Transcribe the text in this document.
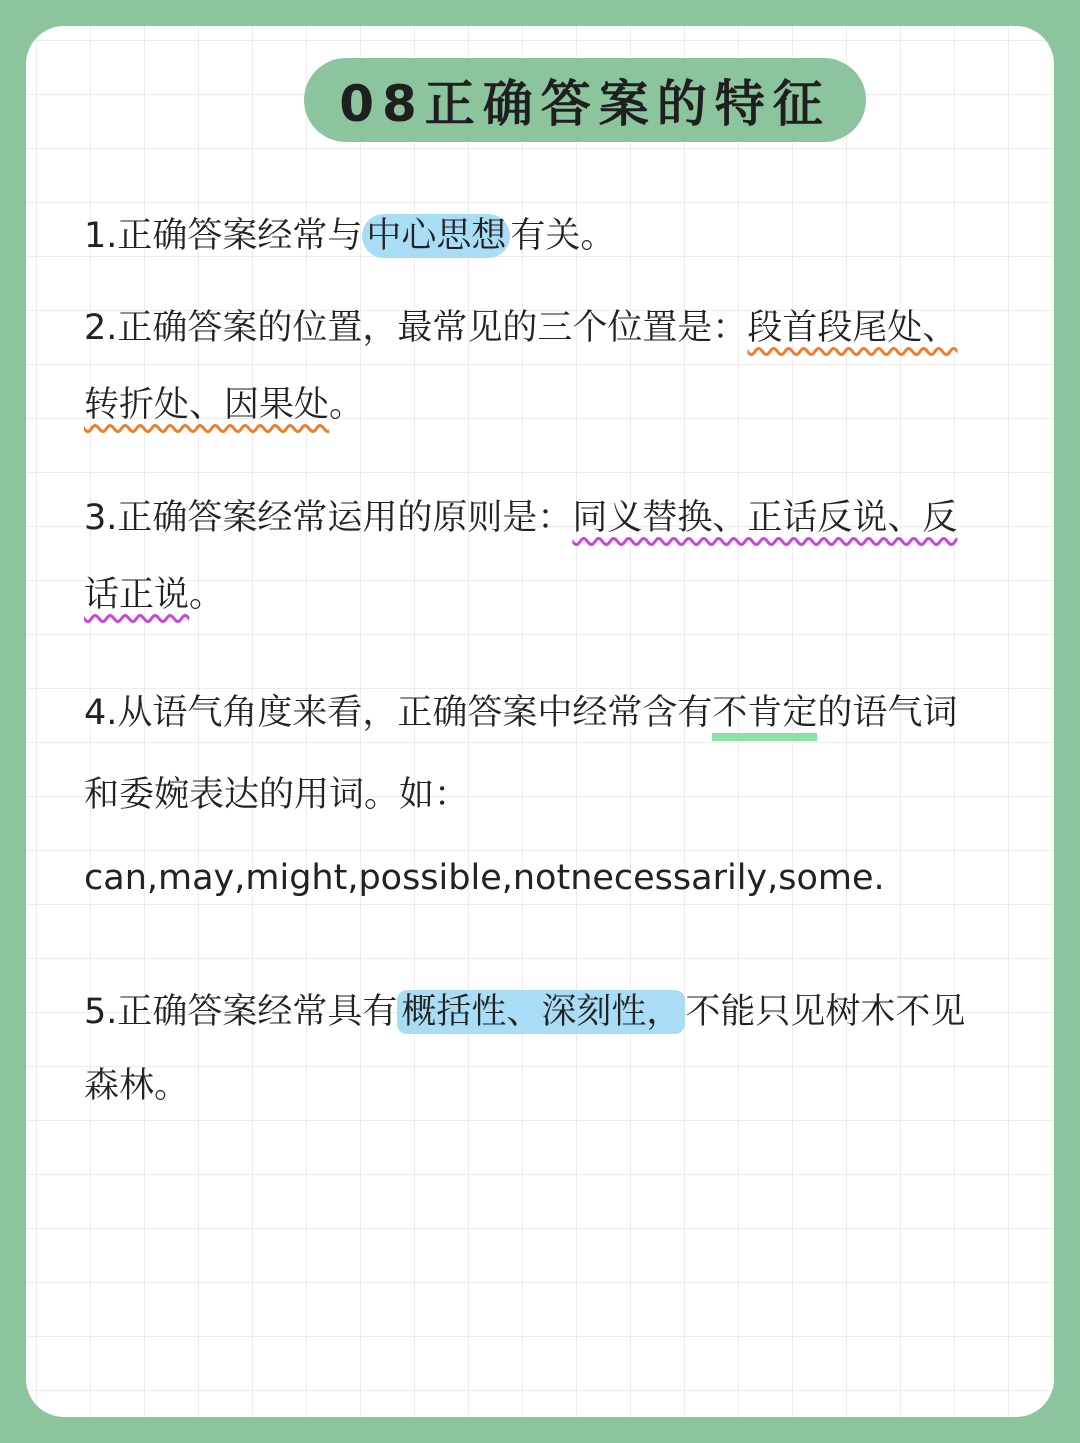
08正确答案的特征
1.正确答案经常与 中心思想 有关。
2.正确答案的位置，最常见的三个位置是：段首段尾处、
转折处、因果处。
3.正确答案经常运用的原则是：同义替换、正话反说、反
话正说。
4.从语气角度来看，正确答案中经常含有不肯定的语气词
和委婉表达的用词。如：
can,may,might,possible,notnecessarily,some.
5.正确答案经常具有 概括性、深刻性， 不能只见树木不见
森林。
